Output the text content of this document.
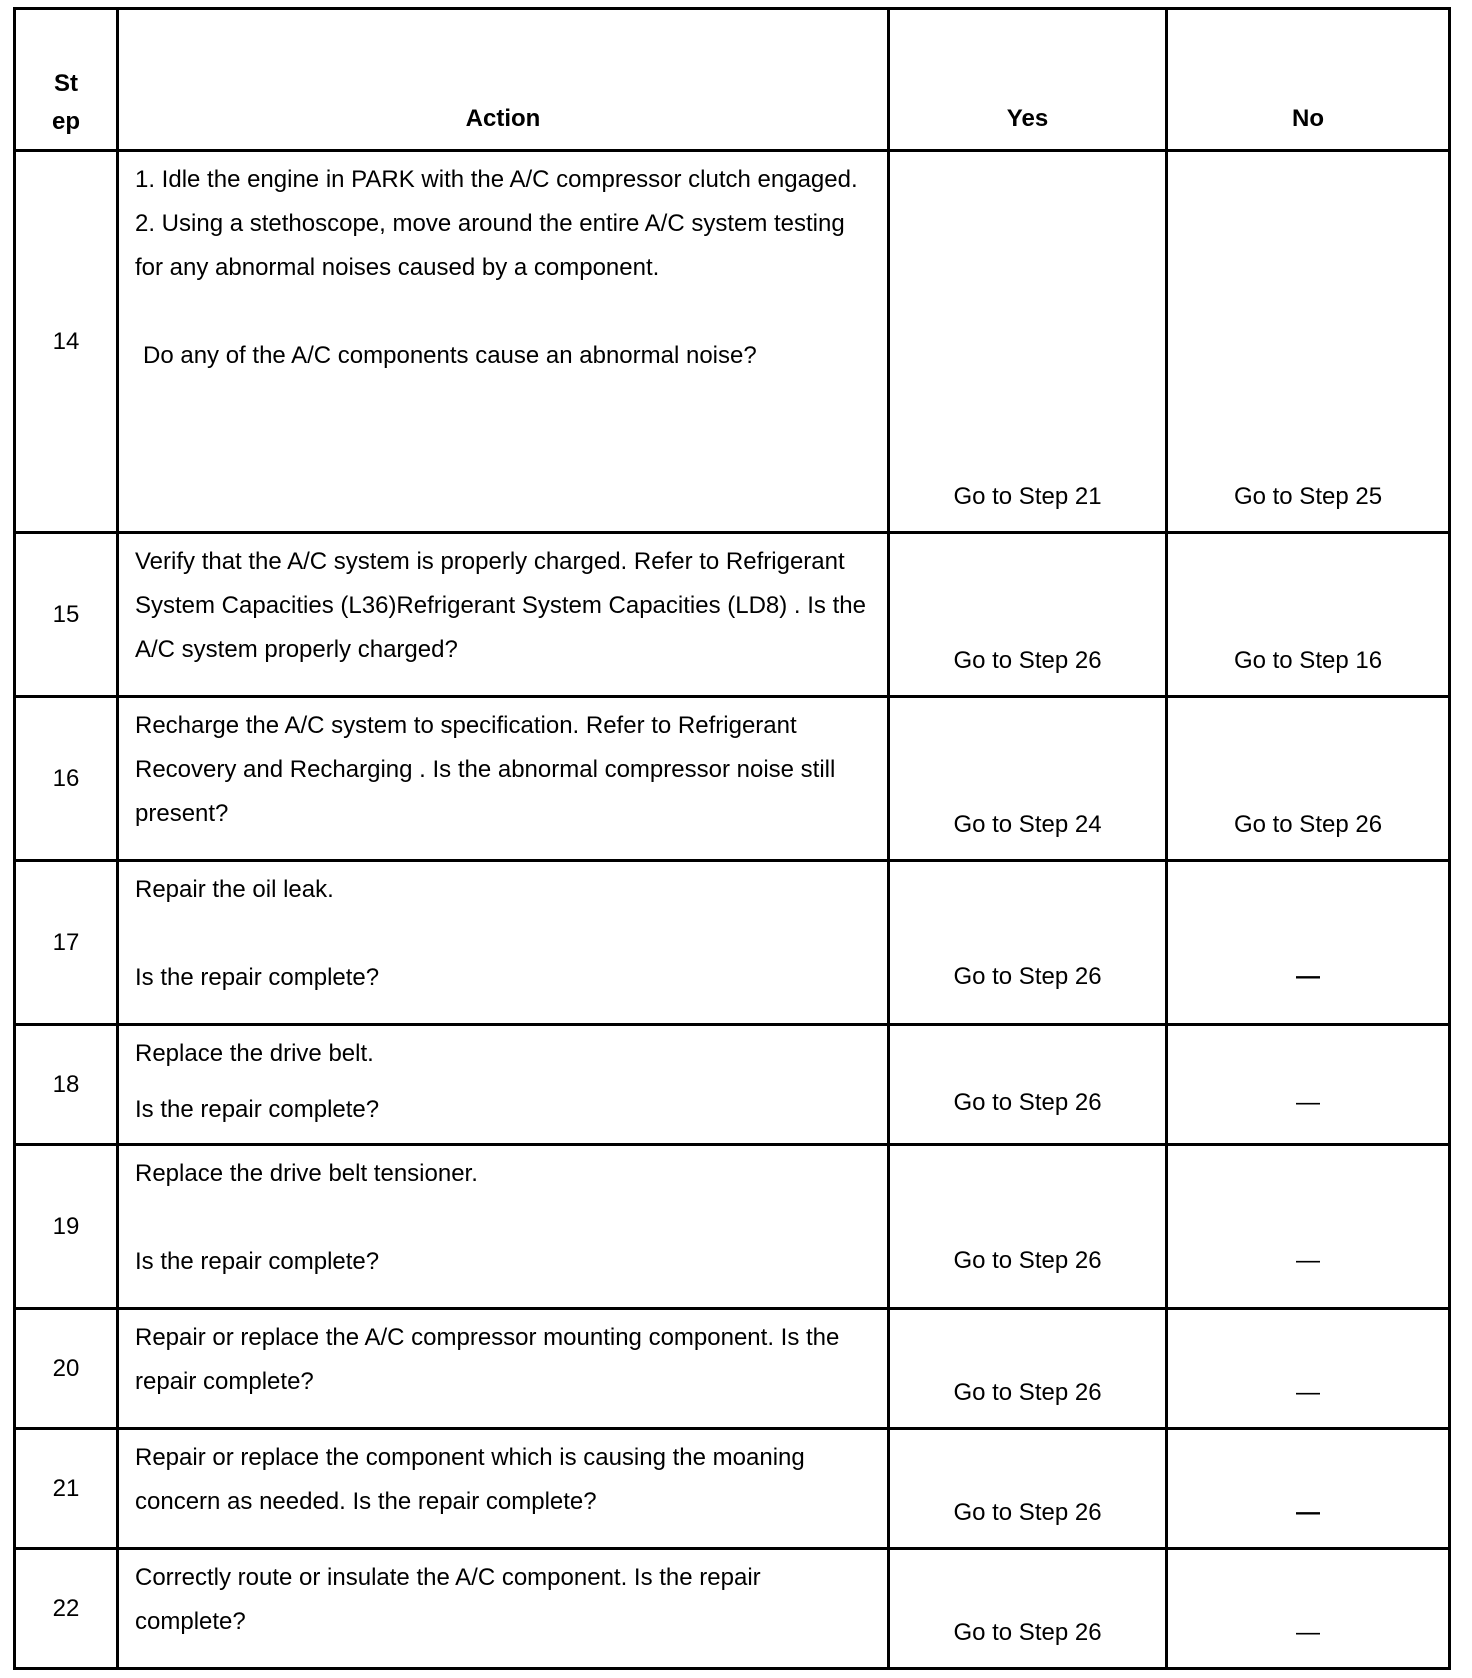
St
ep	Action	Yes	No
14	1. Idle the engine in PARK with the A/C compressor clutch engaged.

2. Using a stethoscope, move around the entire A/C system testing for any abnormal noises caused by a component.

Do any of the A/C components cause an abnormal noise?	Go to Step 21	Go to Step 25
15	Verify that the A/C system is properly charged. Refer to Refrigerant System Capacities (L36)Refrigerant System Capacities (LD8) . Is the A/C system properly charged?	Go to Step 26	Go to Step 16
16	Recharge the A/C system to specification. Refer to Refrigerant Recovery and Recharging . Is the abnormal compressor noise still present?	Go to Step 24	Go to Step 26
17	Repair the oil leak.

Is the repair complete?	Go to Step 26	—
18	Replace the drive belt.

Is the repair complete?	Go to Step 26	—
19	Replace the drive belt tensioner.

Is the repair complete?	Go to Step 26	—
20	Repair or replace the A/C compressor mounting component. Is the repair complete?	Go to Step 26	—
21	Repair or replace the component which is causing the moaning concern as needed. Is the repair complete?	Go to Step 26	—
22	Correctly route or insulate the A/C component. Is the repair complete?	Go to Step 26	—
